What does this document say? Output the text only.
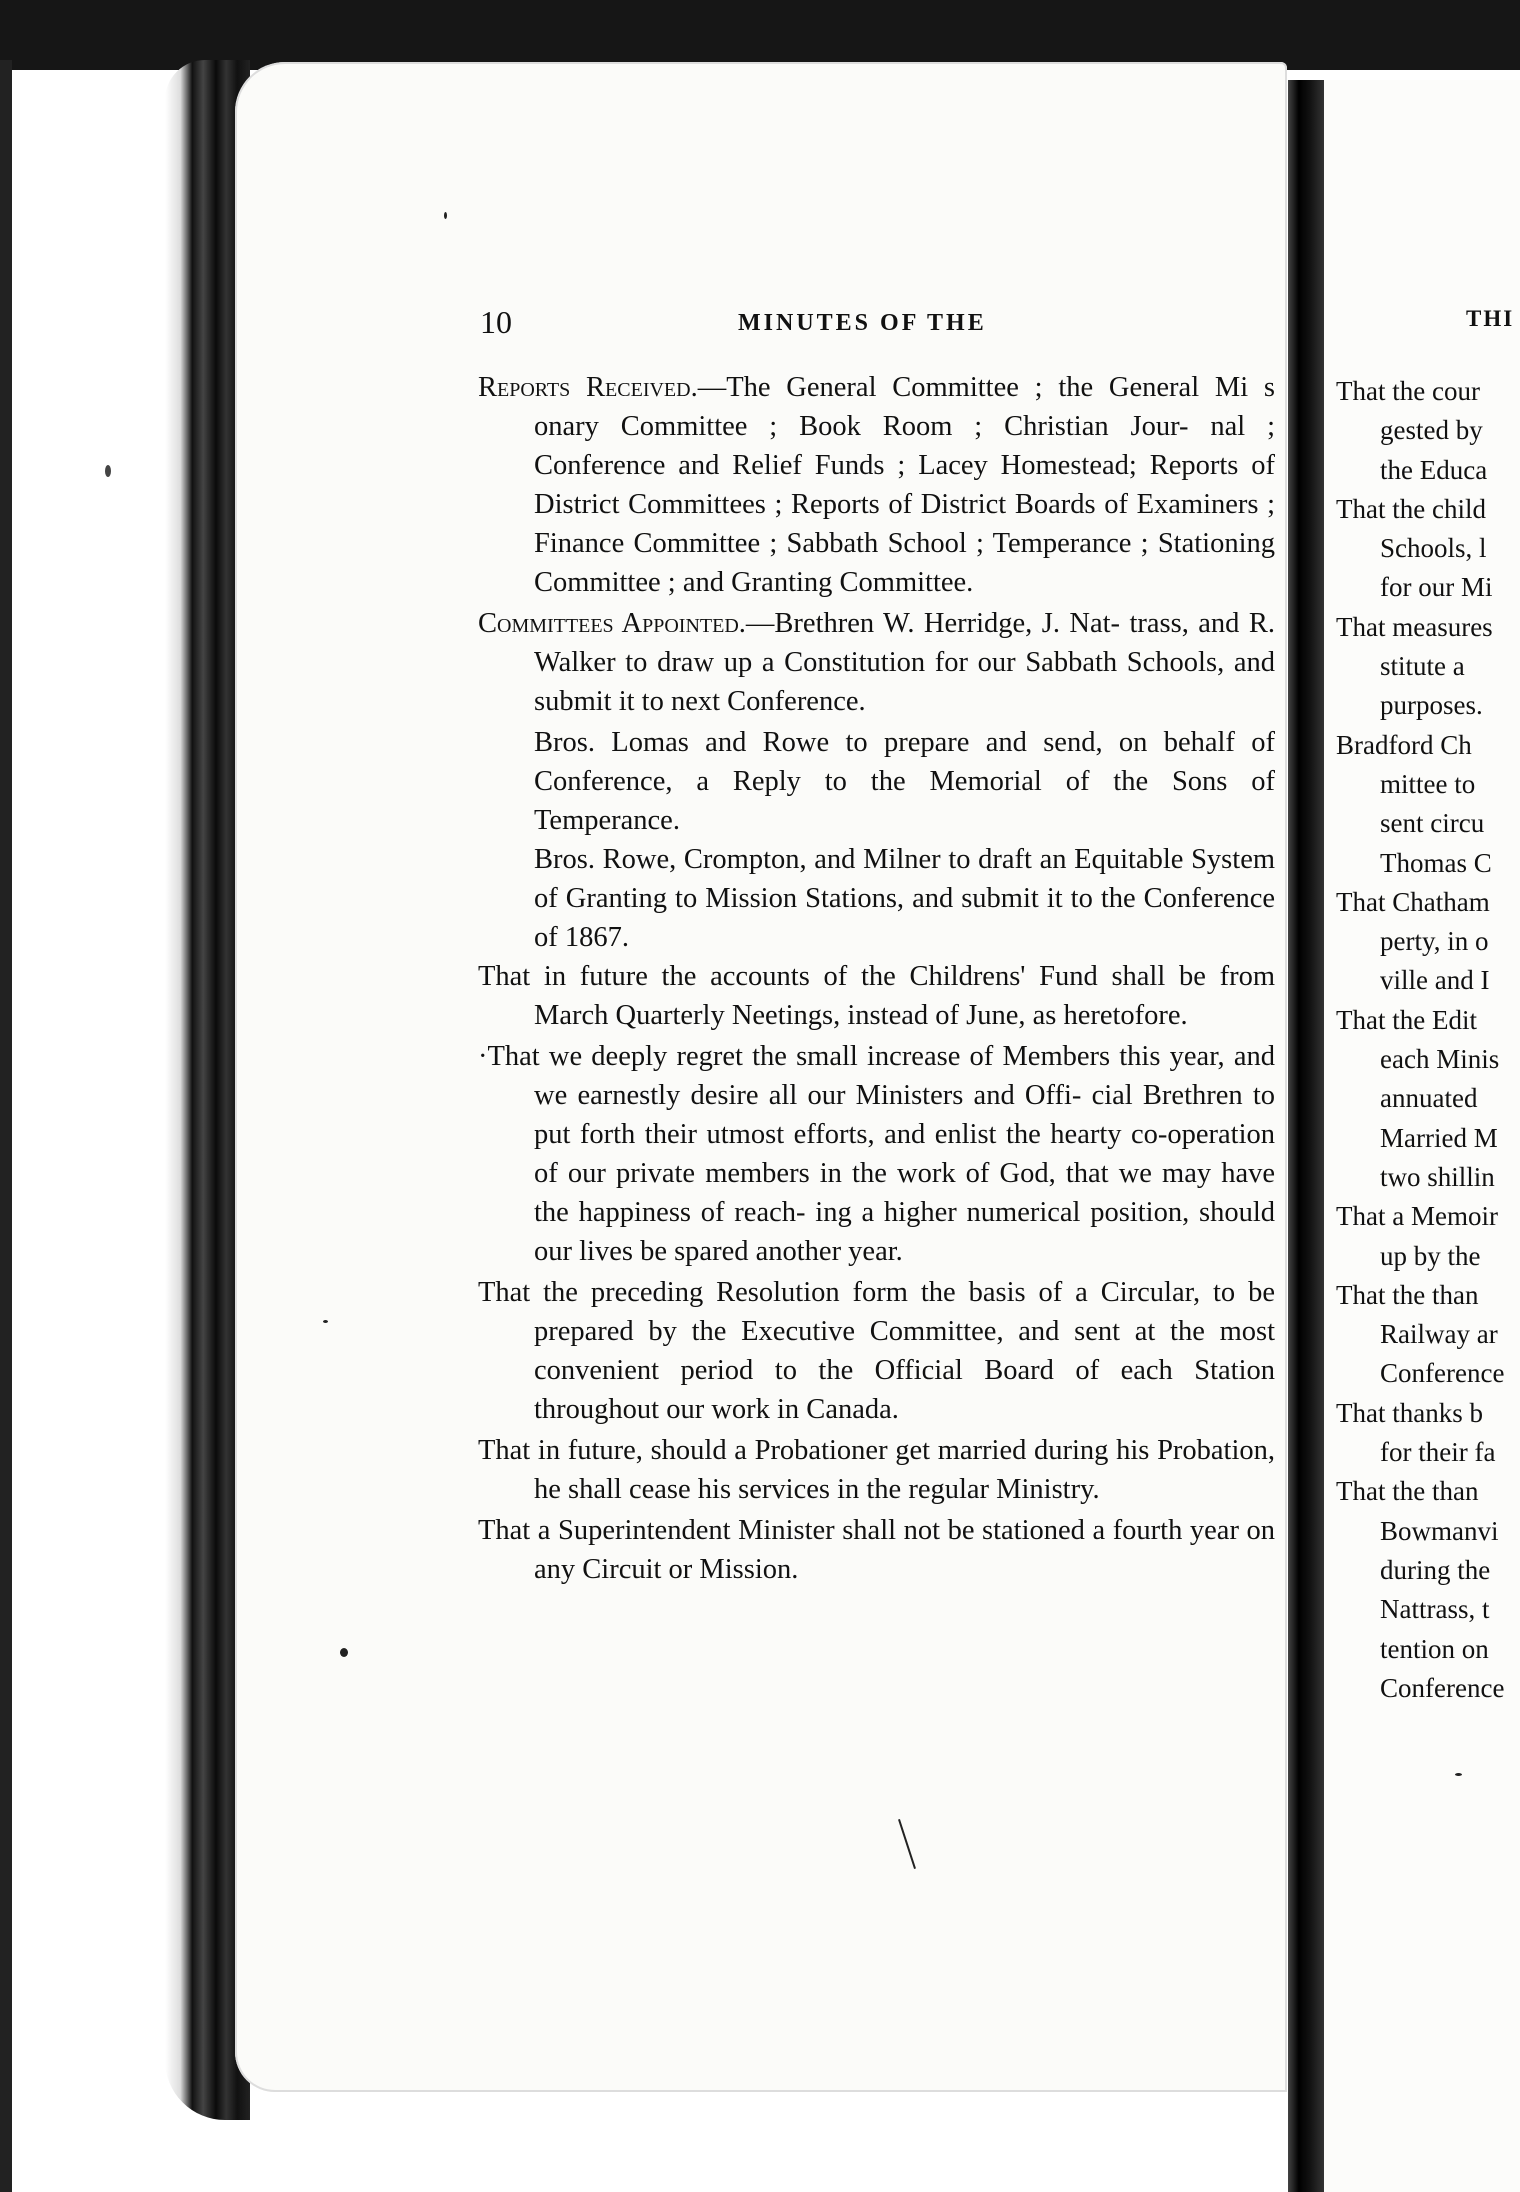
10	MINUTES OF THE
Reports Received.—The General Committee ; the General Mi s onary Committee ; Book Room ; Christian Jour- nal ; Conference and Relief Funds ; Lacey Homestead; Reports of District Committees ; Reports of District Boards of Examiners ; Finance Committee ; Sabbath School ; Temperance ; Stationing Committee ; and Granting Committee.
Committees Appointed.—Brethren W. Herridge, J. Nat- trass, and R. Walker to draw up a Constitution for our Sabbath Schools, and submit it to next Conference.
Bros. Lomas and Rowe to prepare and send, on behalf of Conference, a Reply to the Memorial of the Sons of Temperance.
Bros. Rowe, Crompton, and Milner to draft an Equitable System of Granting to Mission Stations, and submit it to the Conference of 1867.
That in future the accounts of the Childrens' Fund shall be from March Quarterly Neetings, instead of June, as heretofore.
·That we deeply regret the small increase of Members this year, and we earnestly desire all our Ministers and Offi- cial Brethren to put forth their utmost efforts, and enlist the hearty co-operation of our private members in the work of God, that we may have the happiness of reach- ing a higher numerical position, should our lives be spared another year.
That the preceding Resolution form the basis of a Circular, to be prepared by the Executive Committee, and sent at the most convenient period to the Official Board of each Station throughout our work in Canada.
That in future, should a Probationer get married during his Probation, he shall cease his services in the regular Ministry.
That a Superintendent Minister shall not be stationed a fourth year on any Circuit or Mission.
THI
That the cour
gested by
the Educa
That the child
Schools, l
for our Mi
That measures
stitute a
purposes.
Bradford Ch
mittee to
sent circu
Thomas C
That Chatham
perty, in o
ville and I
That the Edit
each Minis
annuated
Married M
two shillin
That a Memoir
up by the
That the than
Railway ar
Conference
That thanks b
for their fa
That the than
Bowmanvi
during the
Nattrass, t
tention on
Conference
